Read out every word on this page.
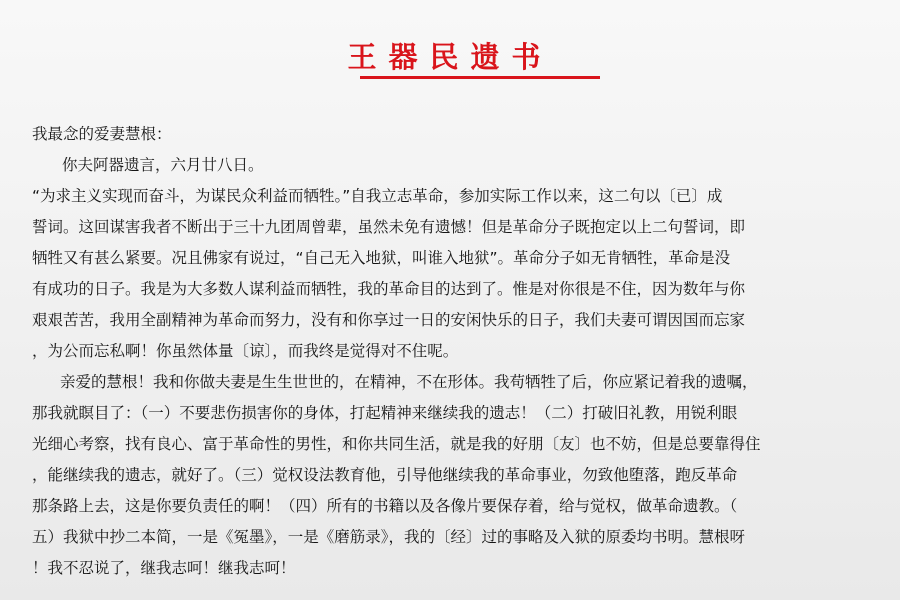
王器民遗书
我最念的爱妻慧根：
你夫阿器遗言，六月廿八日。
“为求主义实现而奋斗，为谋民众利益而牺牲。”自我立志革命，参加实际工作以来，这二句以〔已〕成
誓词。这回谋害我者不断出于三十九团周曾辈，虽然未免有遗憾！但是革命分子既抱定以上二句誓词，即
牺牲又有甚么紧要。况且佛家有说过，“自己无入地狱，叫谁入地狱”。革命分子如无肯牺牲，革命是没
有成功的日子。我是为大多数人谋利益而牺牲，我的革命目的达到了。惟是对你很是不住，因为数年与你
艰艰苦苦，我用全副精神为革命而努力，没有和你享过一日的安闲快乐的日子，我们夫妻可谓因国而忘家
，为公而忘私啊！你虽然体量〔谅〕，而我终是觉得对不住呢。
亲爱的慧根！我和你做夫妻是生生世世的，在精神，不在形体。我苟牺牲了后，你应紧记着我的遗嘱，
那我就瞑目了：（一）不要悲伤损害你的身体，打起精神来继续我的遗志！（二）打破旧礼教，用锐利眼
光细心考察，找有良心、富于革命性的男性，和你共同生活，就是我的好朋〔友〕也不妨，但是总要靠得住
，能继续我的遗志，就好了。（三）觉权设法教育他，引导他继续我的革命事业，勿致他堕落，跑反革命
那条路上去，这是你要负责任的啊！（四）所有的书籍以及各像片要保存着，给与觉权，做革命遗教。（
五）我狱中抄二本简，一是《冤墨》，一是《磨筋录》，我的〔经〕过的事略及入狱的原委均书明。慧根呀
！我不忍说了，继我志呵！继我志呵！
